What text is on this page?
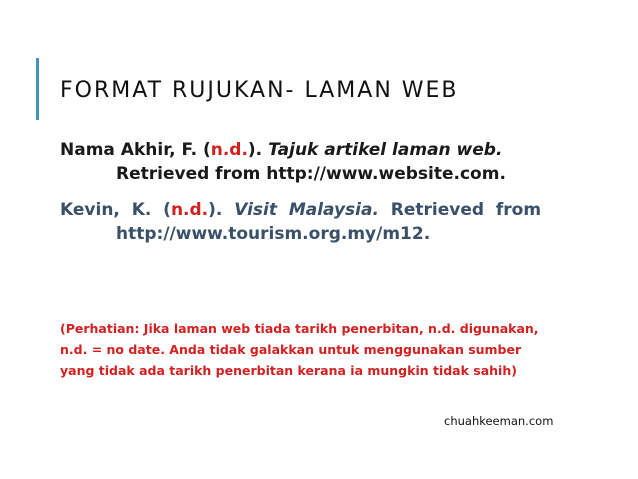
FORMAT RUJUKAN- LAMAN WEB
Nama Akhir, F. (n.d.). Tajuk artikel laman web.
Retrieved from http://www.website.com.
Kevin,  K.  (n.d.).  Visit  Malaysia.  Retrieved  from
http://www.tourism.org.my/m12.
(Perhatian: Jika laman web tiada tarikh penerbitan, n.d. digunakan,
n.d. = no date. Anda tidak galakkan untuk menggunakan sumber
yang tidak ada tarikh penerbitan kerana ia mungkin tidak sahih)
chuahkeeman.com
